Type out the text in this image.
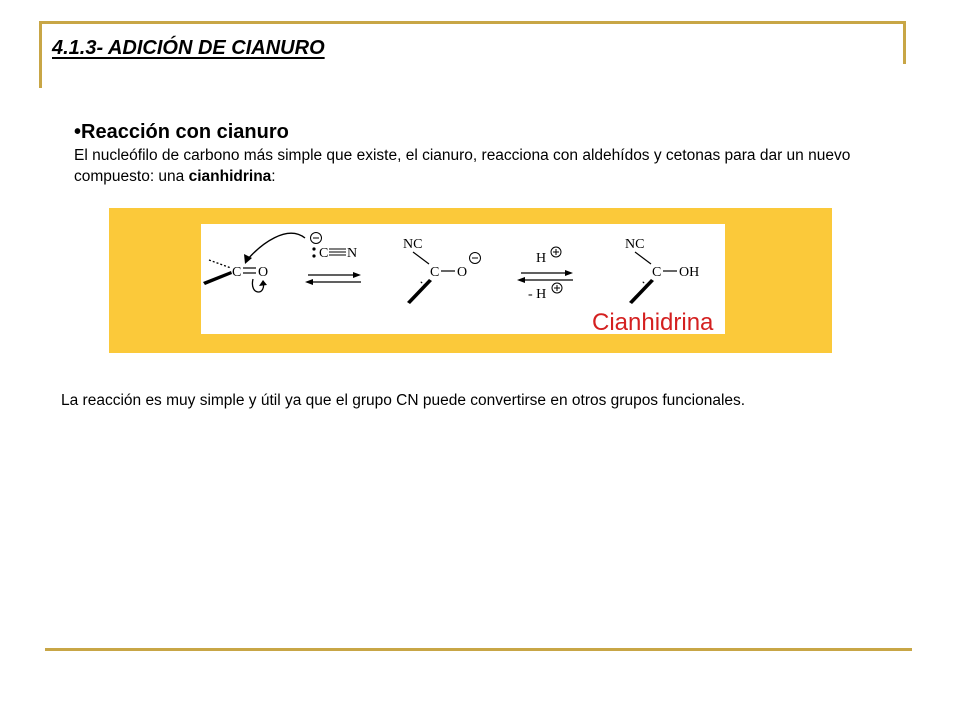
4.1.3- ADICIÓN DE CIANURO

•Reacción con cianuro

El nucleófilo de carbono más simple que existe, el cianuro, reacciona con aldehídos y cetonas para dar un nuevo compuesto: una cianhidrina:

C O
C N
NC
C O
H
- H
NC
C OH
Cianhidrina
La reacción es muy simple y útil ya que el grupo CN puede convertirse en otros grupos funcionales.
